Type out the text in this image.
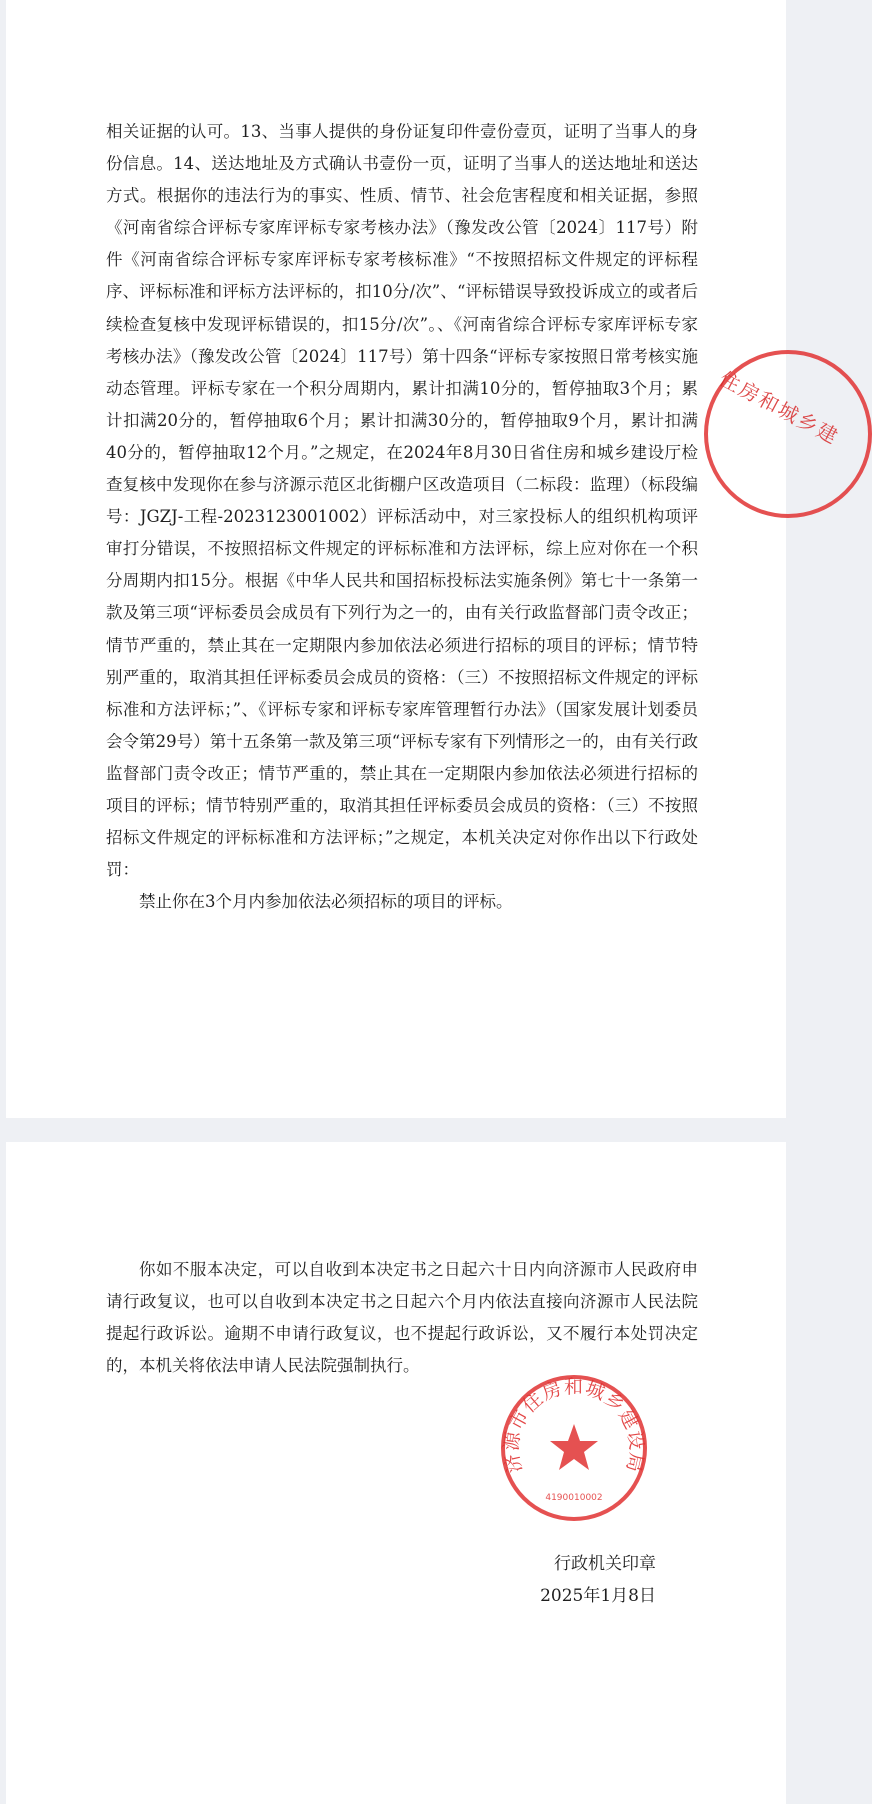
相关证据的认可。13、当事人提供的身份证复印件壹份壹页，证明了当事人的身份信息。14、送达地址及方式确认书壹份一页，证明了当事人的送达地址和送达方式。根据你的违法行为的事实、性质、情节、社会危害程度和相关证据，参照《河南省综合评标专家库评标专家考核办法》（豫发改公管〔2024〕117号）附件《河南省综合评标专家库评标专家考核标准》“不按照招标文件规定的评标程序、评标标准和评标方法评标的，扣10分/次”、“评标错误导致投诉成立的或者后续检查复核中发现评标错误的，扣15分/次”。、《河南省综合评标专家库评标专家考核办法》（豫发改公管〔2024〕117号）第十四条“评标专家按照日常考核实施动态管理。评标专家在一个积分周期内，累计扣满10分的，暂停抽取3个月；累计扣满20分的，暂停抽取6个月；累计扣满30分的，暂停抽取9个月，累计扣满40分的，暂停抽取12个月。”之规定，在2024年8月30日省住房和城乡建设厅检查复核中发现你在参与济源示范区北街棚户区改造项目（二标段：监理）（标段编号：JGZJ-工程-2023123001002）评标活动中，对三家投标人的组织机构项评审打分错误，不按照招标文件规定的评标标准和方法评标，综上应对你在一个积分周期内扣15分。根据《中华人民共和国招标投标法实施条例》第七十一条第一款及第三项“评标委员会成员有下列行为之一的，由有关行政监督部门责令改正；情节严重的，禁止其在一定期限内参加依法必须进行招标的项目的评标；情节特别严重的，取消其担任评标委员会成员的资格：（三）不按照招标文件规定的评标标准和方法评标；”、《评标专家和评标专家库管理暂行办法》（国家发展计划委员会令第29号）第十五条第一款及第三项“评标专家有下列情形之一的，由有关行政监督部门责令改正；情节严重的，禁止其在一定期限内参加依法必须进行招标的项目的评标；情节特别严重的，取消其担任评标委员会成员的资格：（三）不按照招标文件规定的评标标准和方法评标；”之规定，本机关决定对你作出以下行政处罚：

禁止你在3个月内参加依法必须招标的项目的评标。

住房和城乡建

你如不服本决定，可以自收到本决定书之日起六十日内向济源市人民政府申请行政复议，也可以自收到本决定书之日起六个月内依法直接向济源市人民法院提起行政诉讼。逾期不申请行政复议，也不提起行政诉讼，又不履行本处罚决定的，本机关将依法申请人民法院强制执行。

济源市住房和城乡建设局
4190010002
行政机关印章
2025年1月8日
